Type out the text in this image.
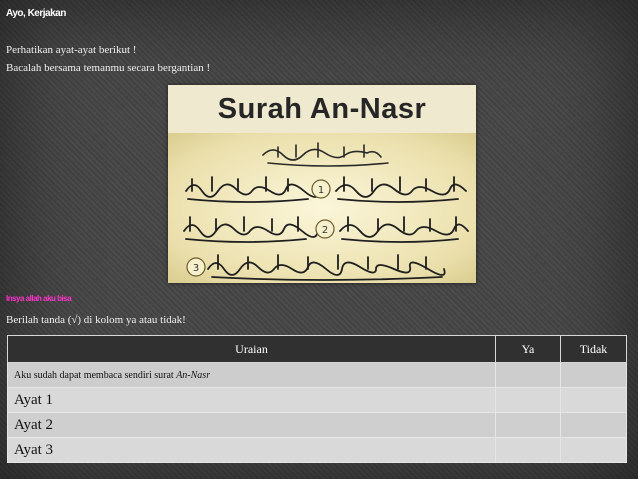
Ayo, Kerjakan
Perhatikan ayat-ayat berikut !
Bacalah bersama temanmu secara bergantian !
Surah An-Nasr
1
2
3
Insya allah aku bisa
Berilah tanda (√) di kolom ya atau tidak!
Uraian	Ya	Tidak
Aku sudah dapat membaca sendiri surat An-Nasr		
Ayat 1		
Ayat 2		
Ayat 3		
